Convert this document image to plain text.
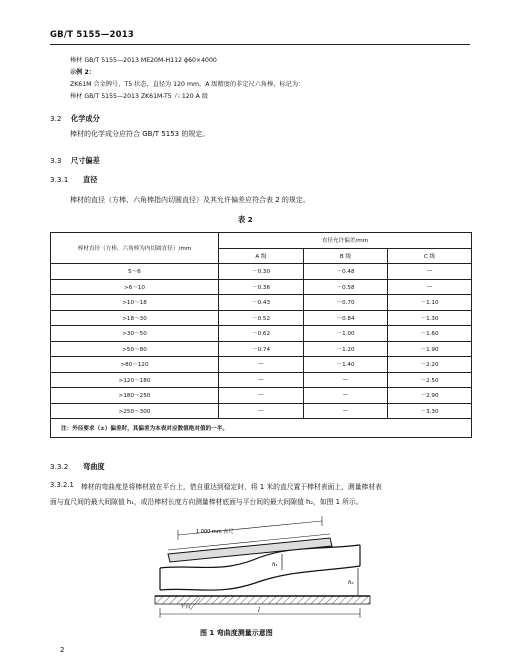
GB/T 5155—2013
棒材 GB/T 5155—2013 ME20M-H112 ϕ60×4000
示例 2：
ZK61M 合金牌号，T5 状态，直径为 120 mm，A 级精度的非定尺六角棒，标记为：
棒材 GB/T 5155—2013 ZK61M-T5 六 120 A 级
3.2 化学成分
棒材的化学成分应符合 GB/T 5153 的规定。
3.3 尺寸偏差
3.3.1 直径
棒材的直径（方棒、六角棒指内切圆直径）及其允许偏差应符合表 2 的规定。
表 2
棒材直径（方棒、六角棒为内切圆直径）/mm	直径允许偏差/mm		
	A 级	B 级	C 级
5～6	－0.30	－0.48	—
>6～10	－0.36	－0.58	—
>10～18	－0.43	－0.70	－1.10
>18～30	－0.52	－0.84	－1.30
>30～50	－0.62	－1.00	－1.60
>50～80	－0.74	－1.20	－1.90
>80～120	—	－1.40	－2.20
>120～180	—	—	－2.50
>180～250	—	—	－2.90
>250～300	—	—	－3.30
注：外径要求（±）偏差时，其偏差为本表对应数值绝对值的一半。			
3.3.2 弯曲度
3.3.2.1 棒材的弯曲度是将棒材放在平台上，借自重达到稳定时，将 1 米的直尺置于棒材表面上，测量棒材表
面与直尺间的最大间隙值 h₁，或沿棒材长度方向测量棒材底面与平台间的最大间隙值 h₂，如图 1 所示。
1 000 mm 直尺
平台	l
h₁
h₂
图 1 弯曲度测量示意图
2
